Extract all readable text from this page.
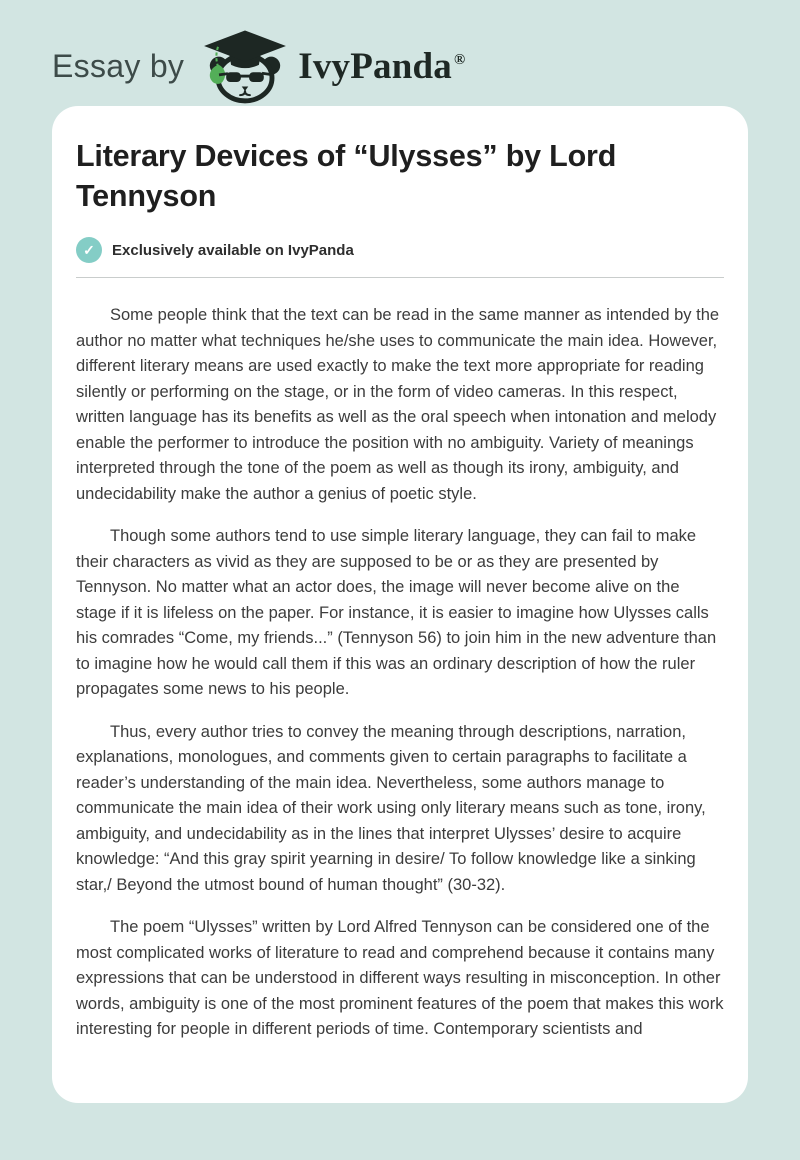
Essay by	IvyPanda ®
Literary Devices of “Ulysses” by Lord Tennyson
✓	Exclusively available on IvyPanda

Some people think that the text can be read in the same manner as intended by the author no matter what techniques he/she uses to communicate the main idea. However, different literary means are used exactly to make the text more appropriate for reading silently or performing on the stage, or in the form of video cameras. In this respect, written language has its benefits as well as the oral speech when intonation and melody enable the performer to introduce the position with no ambiguity. Variety of meanings interpreted through the tone of the poem as well as though its irony, ambiguity, and undecidability make the author a genius of poetic style.

Though some authors tend to use simple literary language, they can fail to make their characters as vivid as they are supposed to be or as they are presented by Tennyson. No matter what an actor does, the image will never become alive on the stage if it is lifeless on the paper. For instance, it is easier to imagine how Ulysses calls his comrades “Come, my friends...” (Tennyson 56) to join him in the new adventure than to imagine how he would call them if this was an ordinary description of how the ruler propagates some news to his people.

Thus, every author tries to convey the meaning through descriptions, narration, explanations, monologues, and comments given to certain paragraphs to facilitate a reader’s understanding of the main idea. Nevertheless, some authors manage to communicate the main idea of their work using only literary means such as tone, irony, ambiguity, and undecidability as in the lines that interpret Ulysses’ desire to acquire knowledge: “And this gray spirit yearning in desire/ To follow knowledge like a sinking star,/ Beyond the utmost bound of human thought” (30-32).

The poem “Ulysses” written by Lord Alfred Tennyson can be considered one of the most complicated works of literature to read and comprehend because it contains many expressions that can be understood in different ways resulting in misconception. In other words, ambiguity is one of the most prominent features of the poem that makes this work interesting for people in different periods of time. Contemporary scientists and
